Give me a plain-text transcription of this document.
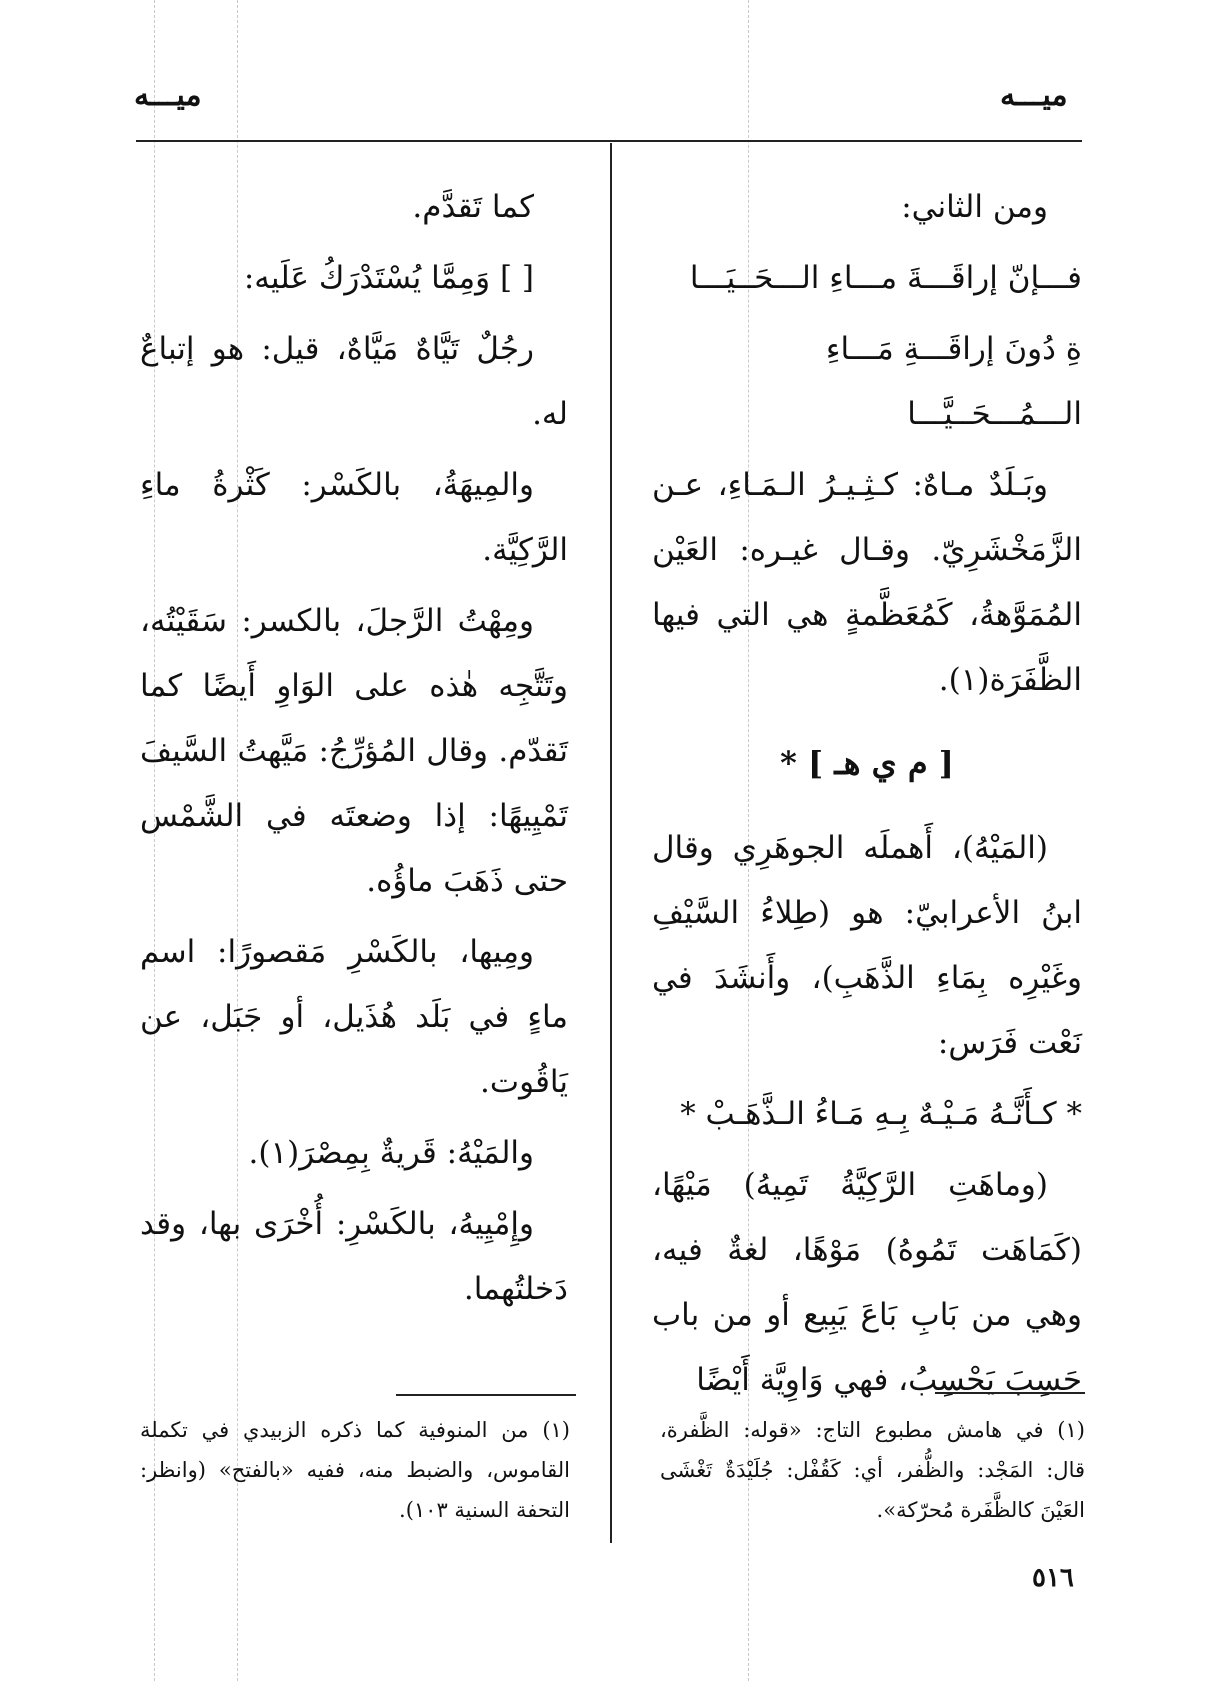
ميـــه	ميـــه

ومن الثاني:

فـــإنّ إراقَـــةَ مـــاءِ الـــحَــيَـــا

ةِ دُونَ إراقَـــةِ مَـــاءِ الـــمُـــحَــيَّـــا

وبَـلَدٌ مـاهٌ: كـثِـيـرُ الـمَـاءِ، عـن الزَّمَخْشَرِيّ. وقـال غيـره: العَيْن المُمَوَّهةُ، كَمُعَظَّمةٍ هي التي فيها الظَّفَرَة(١).

[ م ي هـ ] *

(المَيْهُ)، أَهملَه الجوهَرِي وقال ابنُ الأعرابيّ: هو (طِلاءُ السَّيْفِ وغَيْرِه بِمَاءِ الذَّهَبِ)، وأَنشَدَ في نَعْت فَرَس:

* كـأَنَّـهُ مَـيْـهٌ بِـهِ مَـاءُ الـذَّهَـبْ *

(وماهَتِ الرَّكِيَّةُ تَمِيهُ) مَيْهًا، (كَمَاهَت تَمُوهُ) مَوْهًا، لغةٌ فيه، وهي من بَابِ بَاعَ يَبِيع أو من باب حَسِبَ يَحْسِبُ، فهي وَاوِيَّة أَيْضًا

(١) في هامش مطبوع التاج: «قوله: الظَّفرة، قال: المَجْد: والظُّفر، أي: كَقُفْل: جُلَيْدَةٌ تَغْشَى العَيْنَ كالظَّفَرة مُحرّكة».

كما تَقدَّم.

[ ] وَمِمَّا يُسْتَدْرَكُ عَلَيه:

رجُلٌ تَيَّاهٌ مَيَّاهٌ، قيل: هو إتباعٌ له.

والمِيهَةُ، بالكَسْر: كَثْرةُ ماءِ الرَّكِيَّة.

ومِهْتُ الرَّجلَ، بالكسر: سَقَيْتُه، وتَتَّجِه هٰذه على الوَاوِ أَيضًا كما تَقدّم. وقال المُؤرِّجُ: مَيَّهتُ السَّيفَ تَمْيِيهًا: إذا وضعتَه في الشَّمْس حتى ذَهَبَ ماؤُه.

ومِيها، بالكَسْرِ مَقصورًا: اسم ماءٍ في بَلَد هُذَيل، أو جَبَل، عن يَاقُوت.

والمَيْهُ: قَريةٌ بِمِصْرَ(١).

وإِمْيِيهُ، بالكَسْرِ: أُخْرَى بها، وقد دَخلتُهما.

(١) من المنوفية كما ذكره الزبيدي في تكملة القاموس، والضبط منه، ففيه «بالفتح» (وانظر: التحفة السنية ١٠٣).
٥١٦
